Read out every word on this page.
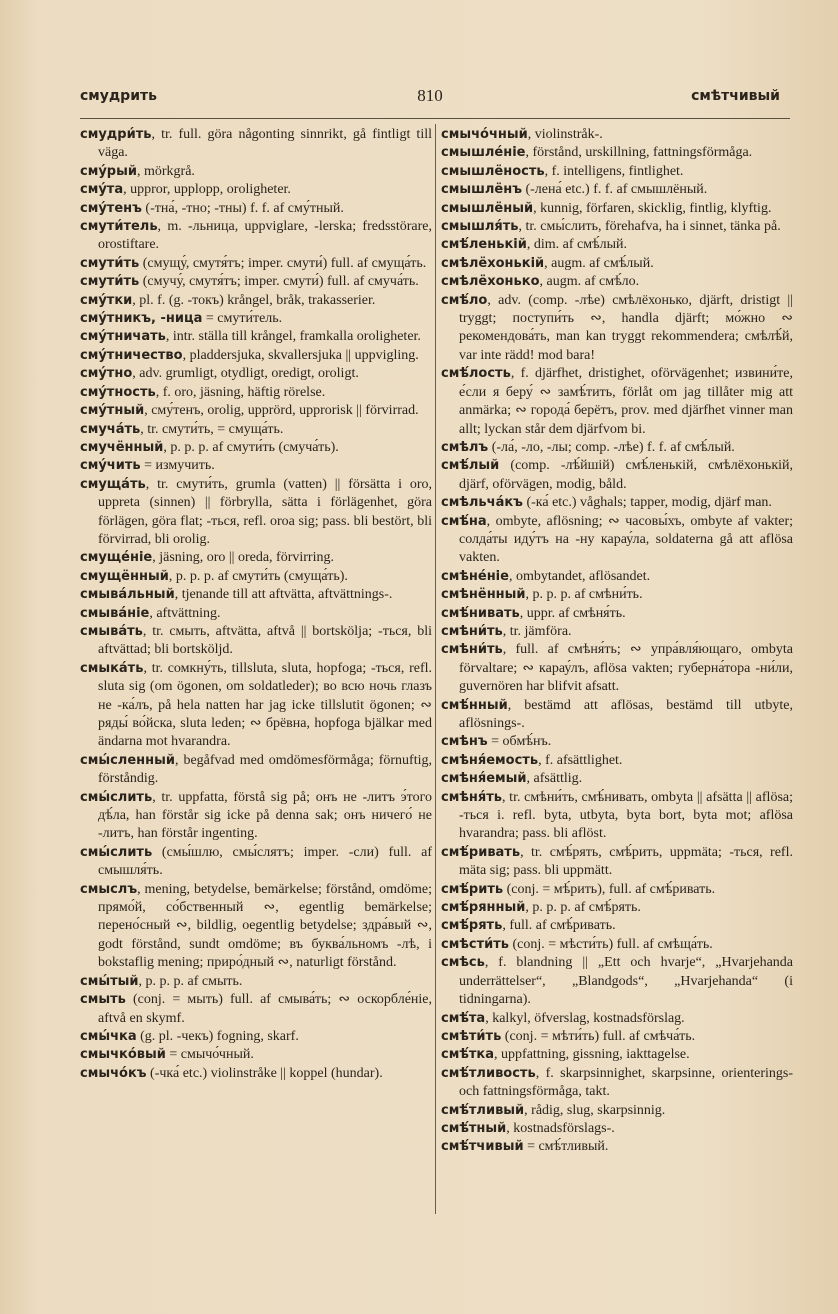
смудрить	810	смѣтчивый

смудри́ть, tr. full. göra någonting sinnrikt, gå fintligt till väga.

сму́рый, mörkgrå.

сму́та, uppror, upplopp, oroligheter.

сму́тенъ (-тна́, -тно; -тны) f. f. af сму́тный.

смути́тель, m. -льница, uppviglare, -lerska; fredsstörare, orostiftare.

смути́ть (смущу́, смутя́тъ; imper. смути́) full. af смуща́ть.

смути́ть (смучу́, смутя́тъ; imper. смути́) full. af смуча́ть.

сму́тки, pl. f. (g. -токъ) krångel, bråk, trakasserier.

сму́тникъ, -ница = смути́тель.

сму́тничать, intr. ställa till krångel, framkalla oroligheter.

сму́тничество, pladdersjuka, skvallersjuka || uppvigling.

сму́тно, adv. grumligt, otydligt, oredigt, oroligt.

сму́тность, f. oro, jäsning, häftig rörelse.

сму́тный, сму́тенъ, orolig, upprörd, upprorisk || förvirrad.

смуча́ть, tr. смути́ть, = смуща́ть.

смучённый, p. p. p. af смути́ть (смуча́ть).

сму́чить = измучить.

смуща́ть, tr. смути́ть, grumla (vatten) || försätta i oro, uppreta (sinnen) || förbrylla, sätta i förlägenhet, göra förlägen, göra flat; -ться, refl. oroa sig; pass. bli bestört, bli förvirrad, bli orolig.

смуще́ніе, jäsning, oro || oreda, förvirring.

смущённый, p. p. p. af смути́ть (смуща́ть).

смыва́льный, tjenande till att aftvätta, aftvättnings-.

смыва́ніе, aftvättning.

смыва́ть, tr. смыть, aftvätta, aftvå || bortskölja; -ться, bli aftvättad; bli bortsköljd.

смыка́ть, tr. сомкну́ть, tillsluta, sluta, hopfoga; -ться, refl. sluta sig (om ögonen, om soldatleder); во всю ночь глазъ не -ка́лъ, på hela natten har jag icke tillslutit ögonen; ∾ ряды́ во́йска, sluta leden; ∾ брёвна, hopfoga bjälkar med ändarna mot hvarandra.

смы́сленный, begåfvad med omdömesförmåga; förnuftig, förståndig.

смы́слить, tr. uppfatta, förstå sig på; онъ не -литъ э́того дѣ́ла, han förstår sig icke på denna sak; онъ ничего́ не -литъ, han förstår ingenting.

смы́слить (смы́шлю, смы́слятъ; imper. -сли) full. af смышля́ть.

смыслъ, mening, betydelse, bemärkelse; förstånd, omdöme; прямо́й, со́бственный ∾, egentlig bemärkelse; перено́сный ∾, bildlig, oegentlig betydelse; здра́вый ∾, godt förstånd, sundt omdöme; въ буква́льномъ -лѣ, i bokstaflig mening; приро́дный ∾, naturligt förstånd.

смы́тый, p. p. p. af смыть.

смыть (conj. = мыть) full. af смыва́ть; ∾ оскорбле́ніе, aftvå en skymf.

смы́чка (g. pl. -чекъ) fogning, skarf.

смычко́вый = смычо́чный.

смычо́къ (-чка́ etc.) violinstråke || koppel (hundar).

смычо́чный, violinstråk-.

смышле́ніе, förstånd, urskillning, fattningsförmåga.

смышлёность, f. intelligens, fintlighet.

смышлёнъ (-лена́ etc.) f. f. af смышлёный.

смышлёный, kunnig, förfaren, skicklig, fintlig, klyftig.

смышля́ть, tr. смы́слить, förehafva, ha i sinnet, tänka på.

смѣ́ленькій, dim. af смѣ́лый.

смѣлёхонькій, augm. af смѣ́лый.

смѣлёхонько, augm. af смѣ́ло.

смѣ́ло, adv. (comp. -лѣе) смѣлёхонько, djärft, dristigt || tryggt; поступи́ть ∾, handla djärft; мо́жно ∾ рекомендова́ть, man kan tryggt rekommendera; смѣлѣ́й, var inte rädd! mod bara!

смѣ́лость, f. djärfhet, dristighet, oförvägenhet; извини́те, е́сли я беру́ ∾ замѣ́тить, förlåt om jag tillåter mig att anmärka; ∾ города́ берётъ, prov. med djärfhet vinner man allt; lyckan står dem djärfvom bi.

смѣлъ (-ла́, -ло, -лы; comp. -лѣе) f. f. af смѣ́лый.

смѣ́лый (comp. -лѣ́йшій) смѣ́ленькій, смѣлёхонькій, djärf, oförvägen, modig, båld.

смѣльча́къ (-ка́ etc.) våghals; tapper, modig, djärf man.

смѣ́на, ombyte, aflösning; ∾ часовы́хъ, ombyte af vakter; солда́ты иду́тъ на -ну карау́ла, soldaterna gå att aflösa vakten.

смѣне́ніе, ombytandet, aflösandet.

смѣнённый, p. p. p. af смѣни́ть.

смѣ́нивать, uppr. af смѣня́ть.

смѣни́ть, tr. jämföra.

смѣни́ть, full. af смѣня́ть; ∾ упра́вля́ющаго, ombyta förvaltare; ∾ карау́лъ, aflösa vakten; губерна́тора -ни́ли, guvernören har blifvit afsatt.

смѣ́нный, bestämd att aflösas, bestämd till utbyte, aflösnings-.

смѣнъ = обмѣ́нъ.

смѣня́емость, f. afsättlighet.

смѣня́емый, afsättlig.

смѣня́ть, tr. смѣни́ть, смѣ́нивать, ombyta || afsätta || aflösa; -ться i. refl. byta, utbyta, byta bort, byta mot; aflösa hvarandra; pass. bli aflöst.

смѣ́ривать, tr. смѣ́рять, смѣ́рить, uppmäta; -ться, refl. mäta sig; pass. bli uppmätt.

смѣ́рить (conj. = мѣ́рить), full. af смѣ́ривать.

смѣ́рянный, p. p. p. af смѣ́рять.

смѣ́рять, full. af смѣ́ривать.

смѣсти́ть (conj. = мѣсти́ть) full. af смѣща́ть.

смѣсь, f. blandning || „Ett och hvarje“, „Hvarjehanda underrättelser“, „Blandgods“, „Hvarjehanda“ (i tidningarna).

смѣ́та, kalkyl, öfverslag, kostnadsförslag.

смѣти́ть (conj. = мѣти́ть) full. af смѣча́ть.

смѣ́тка, uppfattning, gissning, iakttagelse.

смѣ́тливость, f. skarpsinnighet, skarpsinne, orienterings- och fattningsförmåga, takt.

смѣ́тливый, rådig, slug, skarpsinnig.

смѣ́тный, kostnadsförslags-.

смѣ́тчивый = смѣ́тливый.
